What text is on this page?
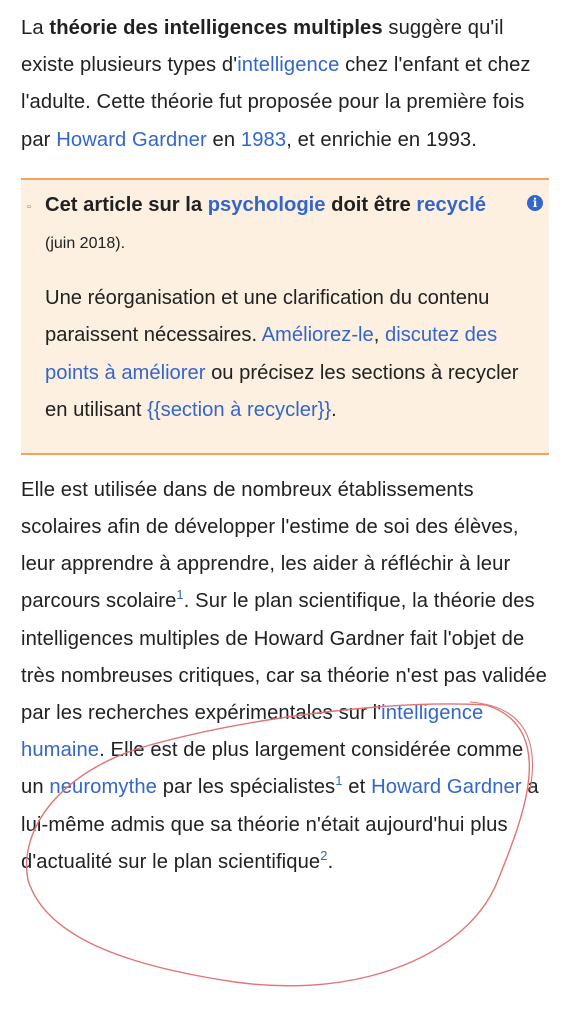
La théorie des intelligences multiples suggère qu'il existe plusieurs types d'intelligence chez l'enfant et chez l'adulte. Cette théorie fut proposée pour la première fois par Howard Gardner en 1983, et enrichie en 1993.

▫	i
Cet article sur la psychologie doit être recyclé (juin 2018).
Une réorganisation et une clarification du contenu paraissent nécessaires. Améliorez-le, discutez des points à améliorer ou précisez les sections à recycler en utilisant {{section à recycler}}.

Elle est utilisée dans de nombreux établissements scolaires afin de développer l'estime de soi des élèves, leur apprendre à apprendre, les aider à réfléchir à leur parcours scolaire$^1$. Sur le plan scientifique, la théorie des intelligences multiples de Howard Gardner fait l'objet de très nombreuses critiques, car sa théorie n'est pas validée par les recherches expérimentales sur l'intelligence humaine. Elle est de plus largement considérée comme un neuromythe par les spécialistes$^1$ et Howard Gardner a lui-même admis que sa théorie n'était aujourd'hui plus d'actualité sur le plan scientifique$^2$.
